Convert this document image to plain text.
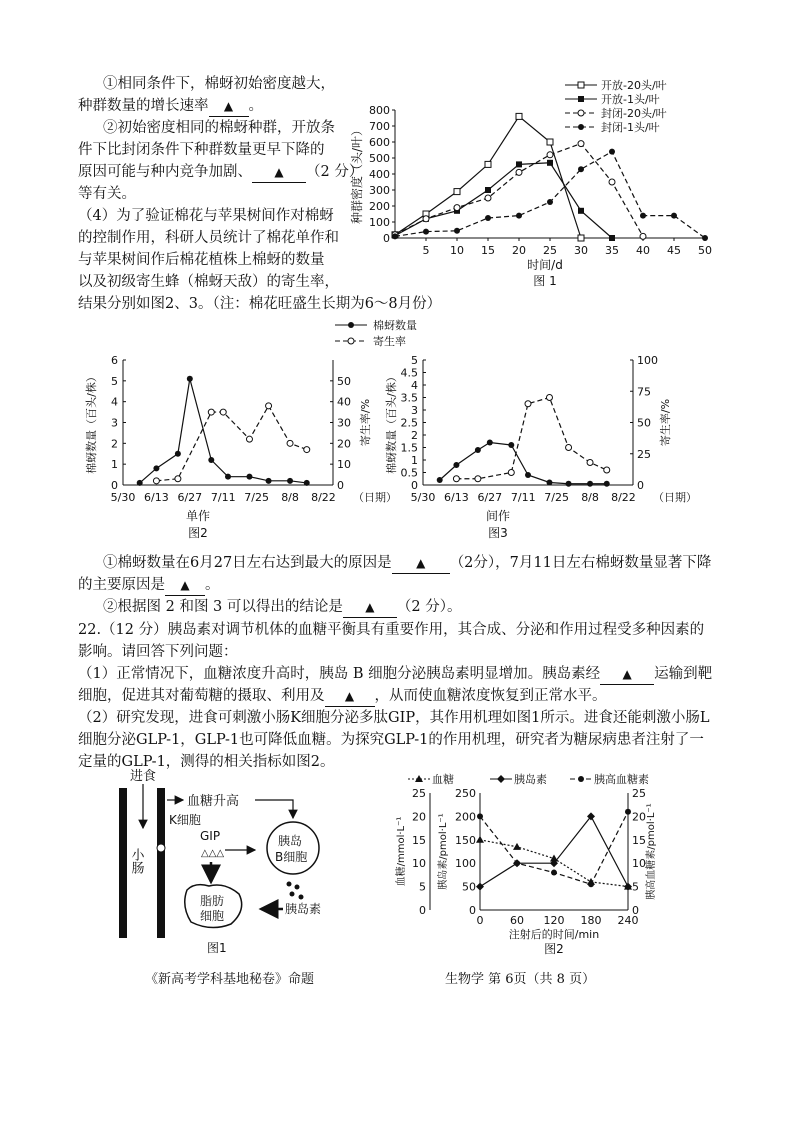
①相同条件下，棉蚜初始密度越大，
种群数量的增长速率 ▲ 。
②初始密度相同的棉蚜种群，开放条
件下比封闭条件下种群数量更早下降的
原因可能与种内竞争加剧、 ▲ （2 分）
等有关。
（4）为了验证棉花与苹果树间作对棉蚜
的控制作用，科研人员统计了棉花单作和
与苹果树间作后棉花植株上棉蚜的数量
以及初级寄生蜂（棉蚜天敌）的寄生率，
结果分别如图2、3。（注：棉花旺盛生长期为6～8月份）
0
100
200
300
400
500
600
700
800
5 10 15 20 25 30 35 40 45 50
时间/d
图 1
种群密度（头/叶）
开放-20头/叶
开放-1头/叶
封闭-20头/叶
封闭-1头/叶
棉蚜数量
寄生率
0
1
2
3
4
5
6
0
10
20
30
40
50
5/30 6/13 6/27 7/11 7/25 8/8 8/22 （日期）
棉蚜数量（百头/株）	寄生率/%
单作
图2
0
0.5
1
1.5
2
2.5
3
3.5
4
4.5
5
0
25
50
75
100
5/30 6/13 6/27 7/11 7/25 8/8 8/22 （日期）
棉蚜数量（百头/株）	寄生率/%
间作
图3
①棉蚜数量在6月27日左右达到最大的原因是 ▲ （2分），7月11日左右棉蚜数量显著下降
的主要原因是 ▲ 。
②根据图 2 和图 3 可以得出的结论是 ▲ （2 分）。
22.（12 分）胰岛素对调节机体的血糖平衡具有重要作用，其合成、分泌和作用过程受多种因素的
影响。请回答下列问题：
（1）正常情况下，血糖浓度升高时，胰岛 B 细胞分泌胰岛素明显增加。胰岛素经 ▲ 运输到靶
细胞，促进其对葡萄糖的摄取、利用及 ▲ ，从而使血糖浓度恢复到正常水平。
（2）研究发现，进食可刺激小肠K细胞分泌多肽GIP，其作用机理如图1所示。进食还能刺激小肠L
细胞分泌GLP-1，GLP-1也可降低血糖。为探究GLP-1的作用机理，研究者为糖尿病患者注射了一
定量的GLP-1，测得的相关指标如图2。
进食
小肠
血糖升高
K细胞
GIP
△△△
胰岛
B细胞
胰岛素
脂肪
细胞
图1
0	0
5	5
10	10
15	15
20	20
25	25
0
50
100
150
200
250
0 60 120 180 240
注射后的时间/min
图2
血糖/mmol·L⁻¹	胰岛素/pmol·L⁻¹	胰高血糖素/pmol·L⁻¹
血糖	胰岛素	胰高血糖素
《新高考学科基地秘卷》命题	生物学 第 6页（共 8 页）
